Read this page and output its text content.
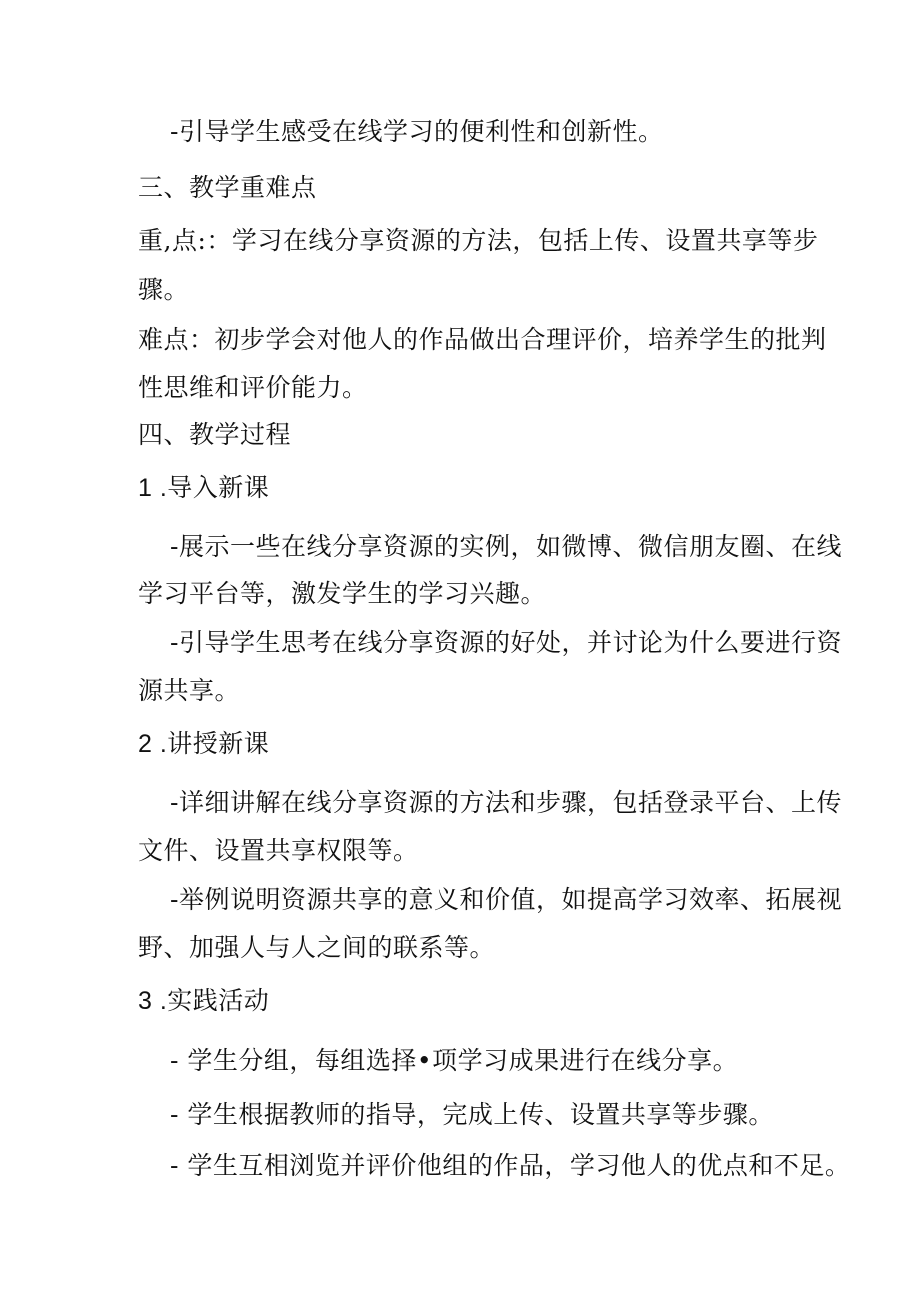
-引导学生感受在线学习的便利性和创新性。
三、教学重难点
重,点:：学习在线分享资源的方法，包括上传、设置共享等步
骤。
难点：初步学会对他人的作品做出合理评价，培养学生的批判
性思维和评价能力。
四、教学过程
1 .导入新课
-展示一些在线分享资源的实例，如微博、微信朋友圈、在线
学习平台等，激发学生的学习兴趣。
-引导学生思考在线分享资源的好处，并讨论为什么要进行资
源共享。
2 .讲授新课
-详细讲解在线分享资源的方法和步骤，包括登录平台、上传
文件、设置共享权限等。
-举例说明资源共享的意义和价值，如提高学习效率、拓展视
野、加强人与人之间的联系等。
3 .实践活动
- 学生分组，每组选择•项学习成果进行在线分享。
- 学生根据教师的指导，完成上传、设置共享等步骤。
- 学生互相浏览并评价他组的作品，学习他人的优点和不足。
